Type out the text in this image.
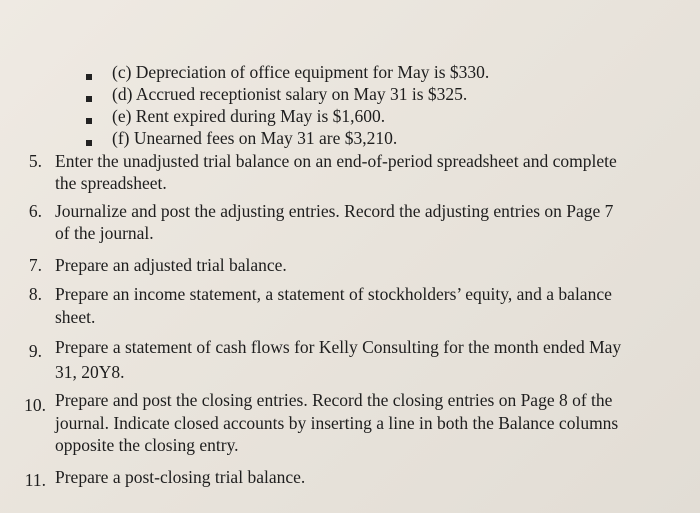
(c) Depreciation of office equipment for May is $330.
(d) Accrued receptionist salary on May 31 is $325.
(e) Rent expired during May is $1,600.
(f) Unearned fees on May 31 are $3,210.
5. Enter the unadjusted trial balance on an end-of-period spreadsheet and complete
the spreadsheet.
6. Journalize and post the adjusting entries. Record the adjusting entries on Page 7
of the journal.
7. Prepare an adjusted trial balance.
8. Prepare an income statement, a statement of stockholders’ equity, and a balance
sheet.
9. Prepare a statement of cash flows for Kelly Consulting for the month ended May
31, 20Y8.
10. Prepare and post the closing entries. Record the closing entries on Page 8 of the
journal. Indicate closed accounts by inserting a line in both the Balance columns
opposite the closing entry.
11. Prepare a post-closing trial balance.
